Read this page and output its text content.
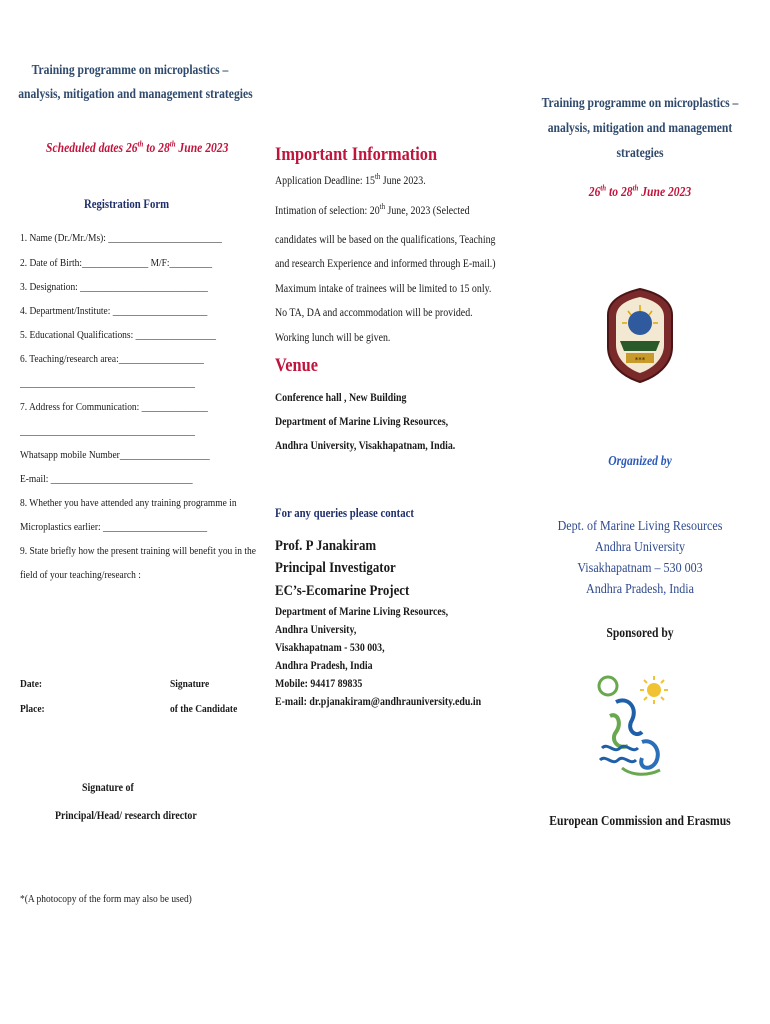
Training programme on microplastics –
analysis, mitigation and management strategies
Scheduled dates 26th to 28th June 2023
Registration Form
1. Name (Dr./Mr./Ms): ________________________
2. Date of Birth:______________ M/F:_________
3. Designation: ___________________________
4. Department/Institute: ____________________
5. Educational Qualifications: _________________
6. Teaching/research area:__________________
_____________________________________
7. Address for Communication: ______________
_____________________________________
Whatsapp mobile Number___________________
E-mail: ______________________________
8. Whether you have attended any training programme in
Microplastics earlier: ______________________
9. State briefly how the present training will benefit you in the
field of your teaching/research :
Date:
Place:
Signature
of the Candidate
Signature of
Principal/Head/ research director
*(A photocopy of the form may also be used)
Important Information
Application Deadline: 15th June 2023.
Intimation of selection: 20th June, 2023 (Selected
candidates will be based on the qualifications, Teaching
and research Experience and informed through E-mail.)
Maximum intake of trainees will be limited to 15 only.
No TA, DA and accommodation will be provided.
Working lunch will be given.
Venue
Conference hall , New Building
Department of Marine Living Resources,
Andhra University, Visakhapatnam, India.
For any queries please contact
Prof. P Janakiram
Principal Investigator
EC’s-Ecomarine Project
Department of Marine Living Resources,
Andhra University,
Visakhapatnam - 530 003,
Andhra Pradesh, India
Mobile: 94417 89835
E-mail: dr.pjanakiram@andhrauniversity.edu.in
Training programme on microplastics –
analysis, mitigation and management
strategies
26th to 28th June 2023
***
Organized by
Dept. of Marine Living Resources
Andhra University
Visakhapatnam – 530 003
Andhra Pradesh, India
Sponsored by
European Commission and Erasmus
